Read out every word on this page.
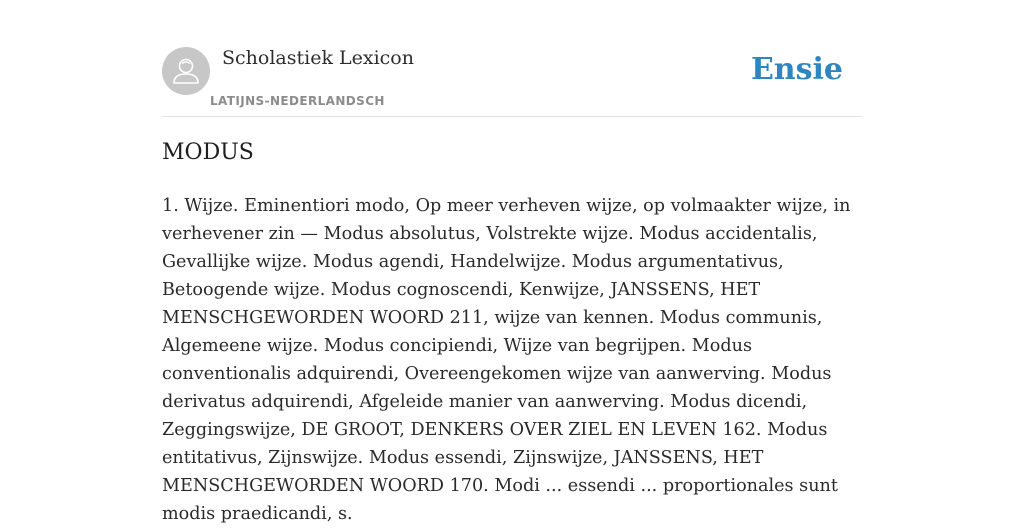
Scholastiek Lexicon
LATIJNS-NEDERLANDSCH
Ensie
MODUS

1. Wijze. Eminentiori modo, Op meer verheven wijze, op volmaakter wijze, in verhevener zin — Modus absolutus, Volstrekte wijze. Modus accidentalis, Gevallijke wijze. Modus agendi, Handelwijze. Modus argumentativus, Betoogende wijze. Modus cognoscendi, Kenwijze, JANSSENS, HET MENSCHGEWORDEN WOORD 211, wijze van kennen. Modus communis, Algemeene wijze. Modus concipiendi, Wijze van begrijpen. Modus conventionalis adquirendi, Overeengekomen wijze van aanwerving. Modus derivatus adquirendi, Afgeleide manier van aanwerving. Modus dicendi, Zeggingswijze, DE GROOT, DENKERS OVER ZIEL EN LEVEN 162. Modus entitativus, Zijnswijze. Modus essendi, Zijnswijze, JANSSENS, HET MENSCHGEWORDEN WOORD 170. Modi ... essendi ... proportionales sunt modis praedicandi, s.
